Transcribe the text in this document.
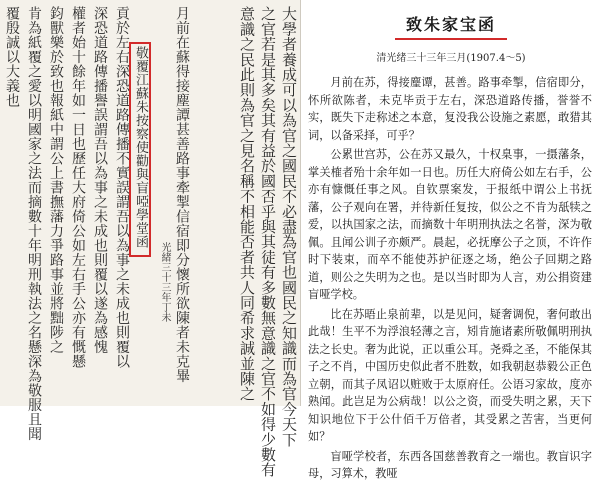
大學者養成可以為官之國民不必盡為官也國民之知識而為官今天下
之官若是其多矣其有益於國否乎與其徒有多數無意識之官不如得少數有
意識之民此則為官之見名稱不相能否者共人同希求誠並陳之
月前在蘇得接塵譚甚善路事牽掣信宿即分懷所欲陳者未克畢
貢於左右深恐道路傳播不實誤謂吾以為事之未成也則覆以
深恐道路傳播譽誤謂吾以為事之未成也則覆以遂為感愧
權者始十餘年如一日也歷任大府倚公如左右手公亦有慨懸
鈞獸樂於致也報紙中謂公上書撫藩力爭路事並將黜陟之
肯為紙覆之愛以明國家之法而摘數十年明刑執法之名懸深為敬服且聞
覆殷誠以大義也	敬覆江蘇朱按察使勸與盲啞學堂函
光緒三十三年丁未
致朱家宝函
清光绪三十三年三月(1907.4～5)

月前在苏，得接麈谭，甚善。路事牵掣，信宿即分，怀所欲陈者，未克毕贡于左右，深恐道路传播，誉誉不实，既失下走称述之本意，复没我公设施之素愿，敢猎其词，以备采择，可乎？

公累世宫苏，公在苏又最久，十权臬事，一摄藩条，掌关榷者殆十余年如一日也。历任大府倚公如左右手，公亦有慷慨任事之风。自钦票案发，于报纸中谓公上书抚藩，公子观向在署，并待新任复按，似公之不肯为舐犊之爱，以执国家之法，而摘数十年明刑执法之名誉，深为敬佩。且闻公训子亦颇严。晨起，必抚摩公子之顶，不许作时下装束，而卒不能使苏护征逐之场，绝公子回期之路道，则公之失明为之也。是以当时即为人言，劝公捐资建盲哑学校。

比在苏晤止泉前辈，以是见问，疑奢调倪，奢何敢出此哉！生平不为浮浪轻薄之言，矧肯施诸素所敬佩明刑执法之长史。奢为此说，正以重公耳。尧舜之圣，不能保其子之不肖，中国历史似此者不胜数，如我朝赵恭毅公正色立朝，而其子凤诏以赃败于太原府任。公语习家故，度亦熟闻。此岂足为公病哉！以公之资，而受失明之累，天下知识地位下于公什佰千万倍者，其受累之苦害，当更何如？

盲哑学校者，东西各国慈善教育之一端也。教盲识字母，习算术，教哑
